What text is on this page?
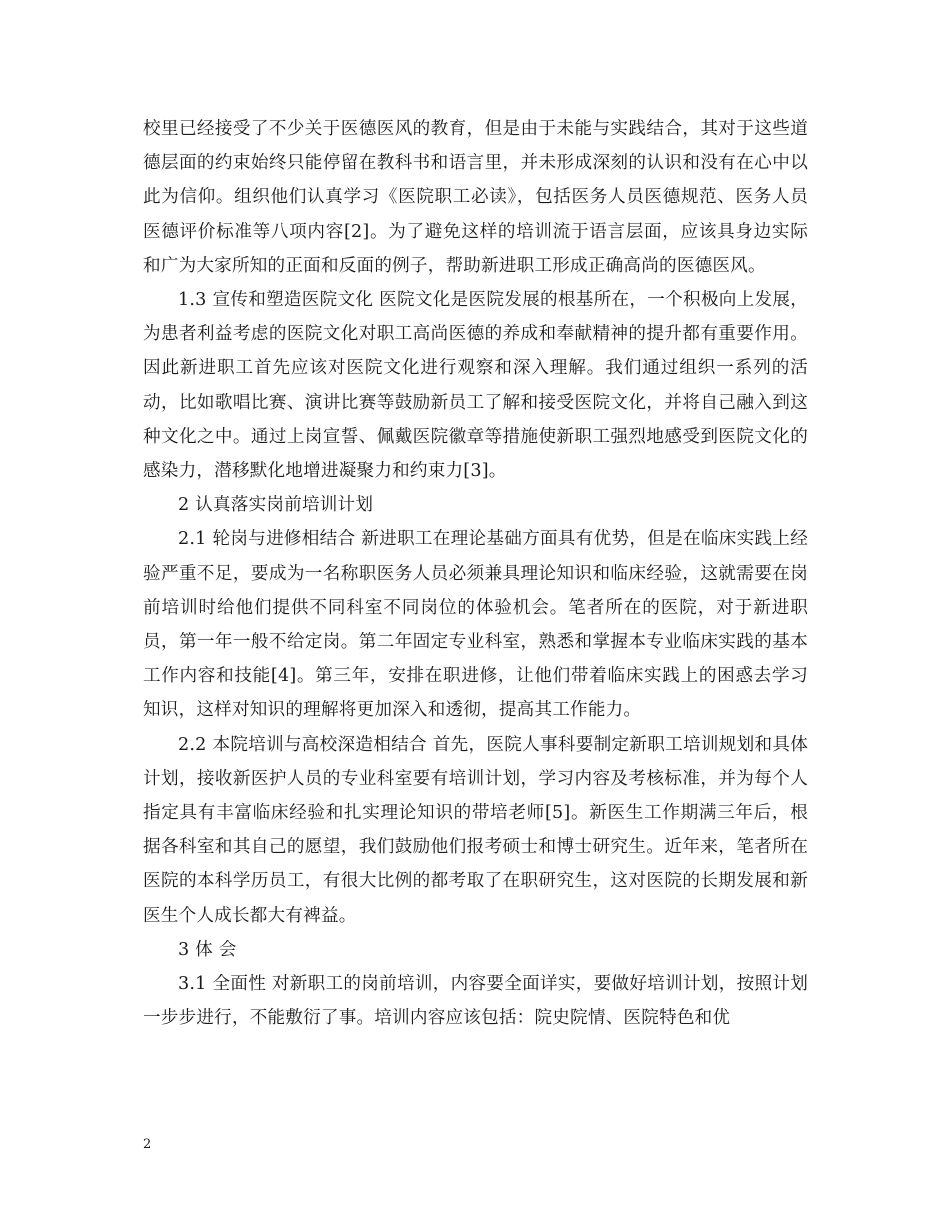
校里已经接受了不少关于医德医风的教育，但是由于未能与实践结合，其对于这些道德层面的约束始终只能停留在教科书和语言里，并未形成深刻的认识和没有在心中以此为信仰。组织他们认真学习《医院职工必读》，包括医务人员医德规范、医务人员医德评价标准等八项内容[2]。为了避免这样的培训流于语言层面，应该具身边实际和广为大家所知的正面和反面的例子，帮助新进职工形成正确高尚的医德医风。

1.3 宣传和塑造医院文化 医院文化是医院发展的根基所在，一个积极向上发展，为患者利益考虑的医院文化对职工高尚医德的养成和奉献精神的提升都有重要作用。因此新进职工首先应该对医院文化进行观察和深入理解。我们通过组织一系列的活动，比如歌唱比赛、演讲比赛等鼓励新员工了解和接受医院文化，并将自己融入到这种文化之中。通过上岗宣誓、佩戴医院徽章等措施使新职工强烈地感受到医院文化的感染力，潜移默化地增进凝聚力和约束力[3]。

2 认真落实岗前培训计划

2.1 轮岗与进修相结合 新进职工在理论基础方面具有优势，但是在临床实践上经验严重不足，要成为一名称职医务人员必须兼具理论知识和临床经验，这就需要在岗前培训时给他们提供不同科室不同岗位的体验机会。笔者所在的医院，对于新进职员，第一年一般不给定岗。第二年固定专业科室，熟悉和掌握本专业临床实践的基本工作内容和技能[4]。第三年，安排在职进修，让他们带着临床实践上的困惑去学习知识，这样对知识的理解将更加深入和透彻，提高其工作能力。

2.2 本院培训与高校深造相结合 首先，医院人事科要制定新职工培训规划和具体计划，接收新医护人员的专业科室要有培训计划，学习内容及考核标准，并为每个人指定具有丰富临床经验和扎实理论知识的带培老师[5]。新医生工作期满三年后，根据各科室和其自己的愿望，我们鼓励他们报考硕士和博士研究生。近年来，笔者所在医院的本科学历员工，有很大比例的都考取了在职研究生，这对医院的长期发展和新医生个人成长都大有裨益。

3 体 会

3.1 全面性 对新职工的岗前培训，内容要全面详实，要做好培训计划，按照计划一步步进行，不能敷衍了事。培训内容应该包括：院史院情、医院特色和优

2
